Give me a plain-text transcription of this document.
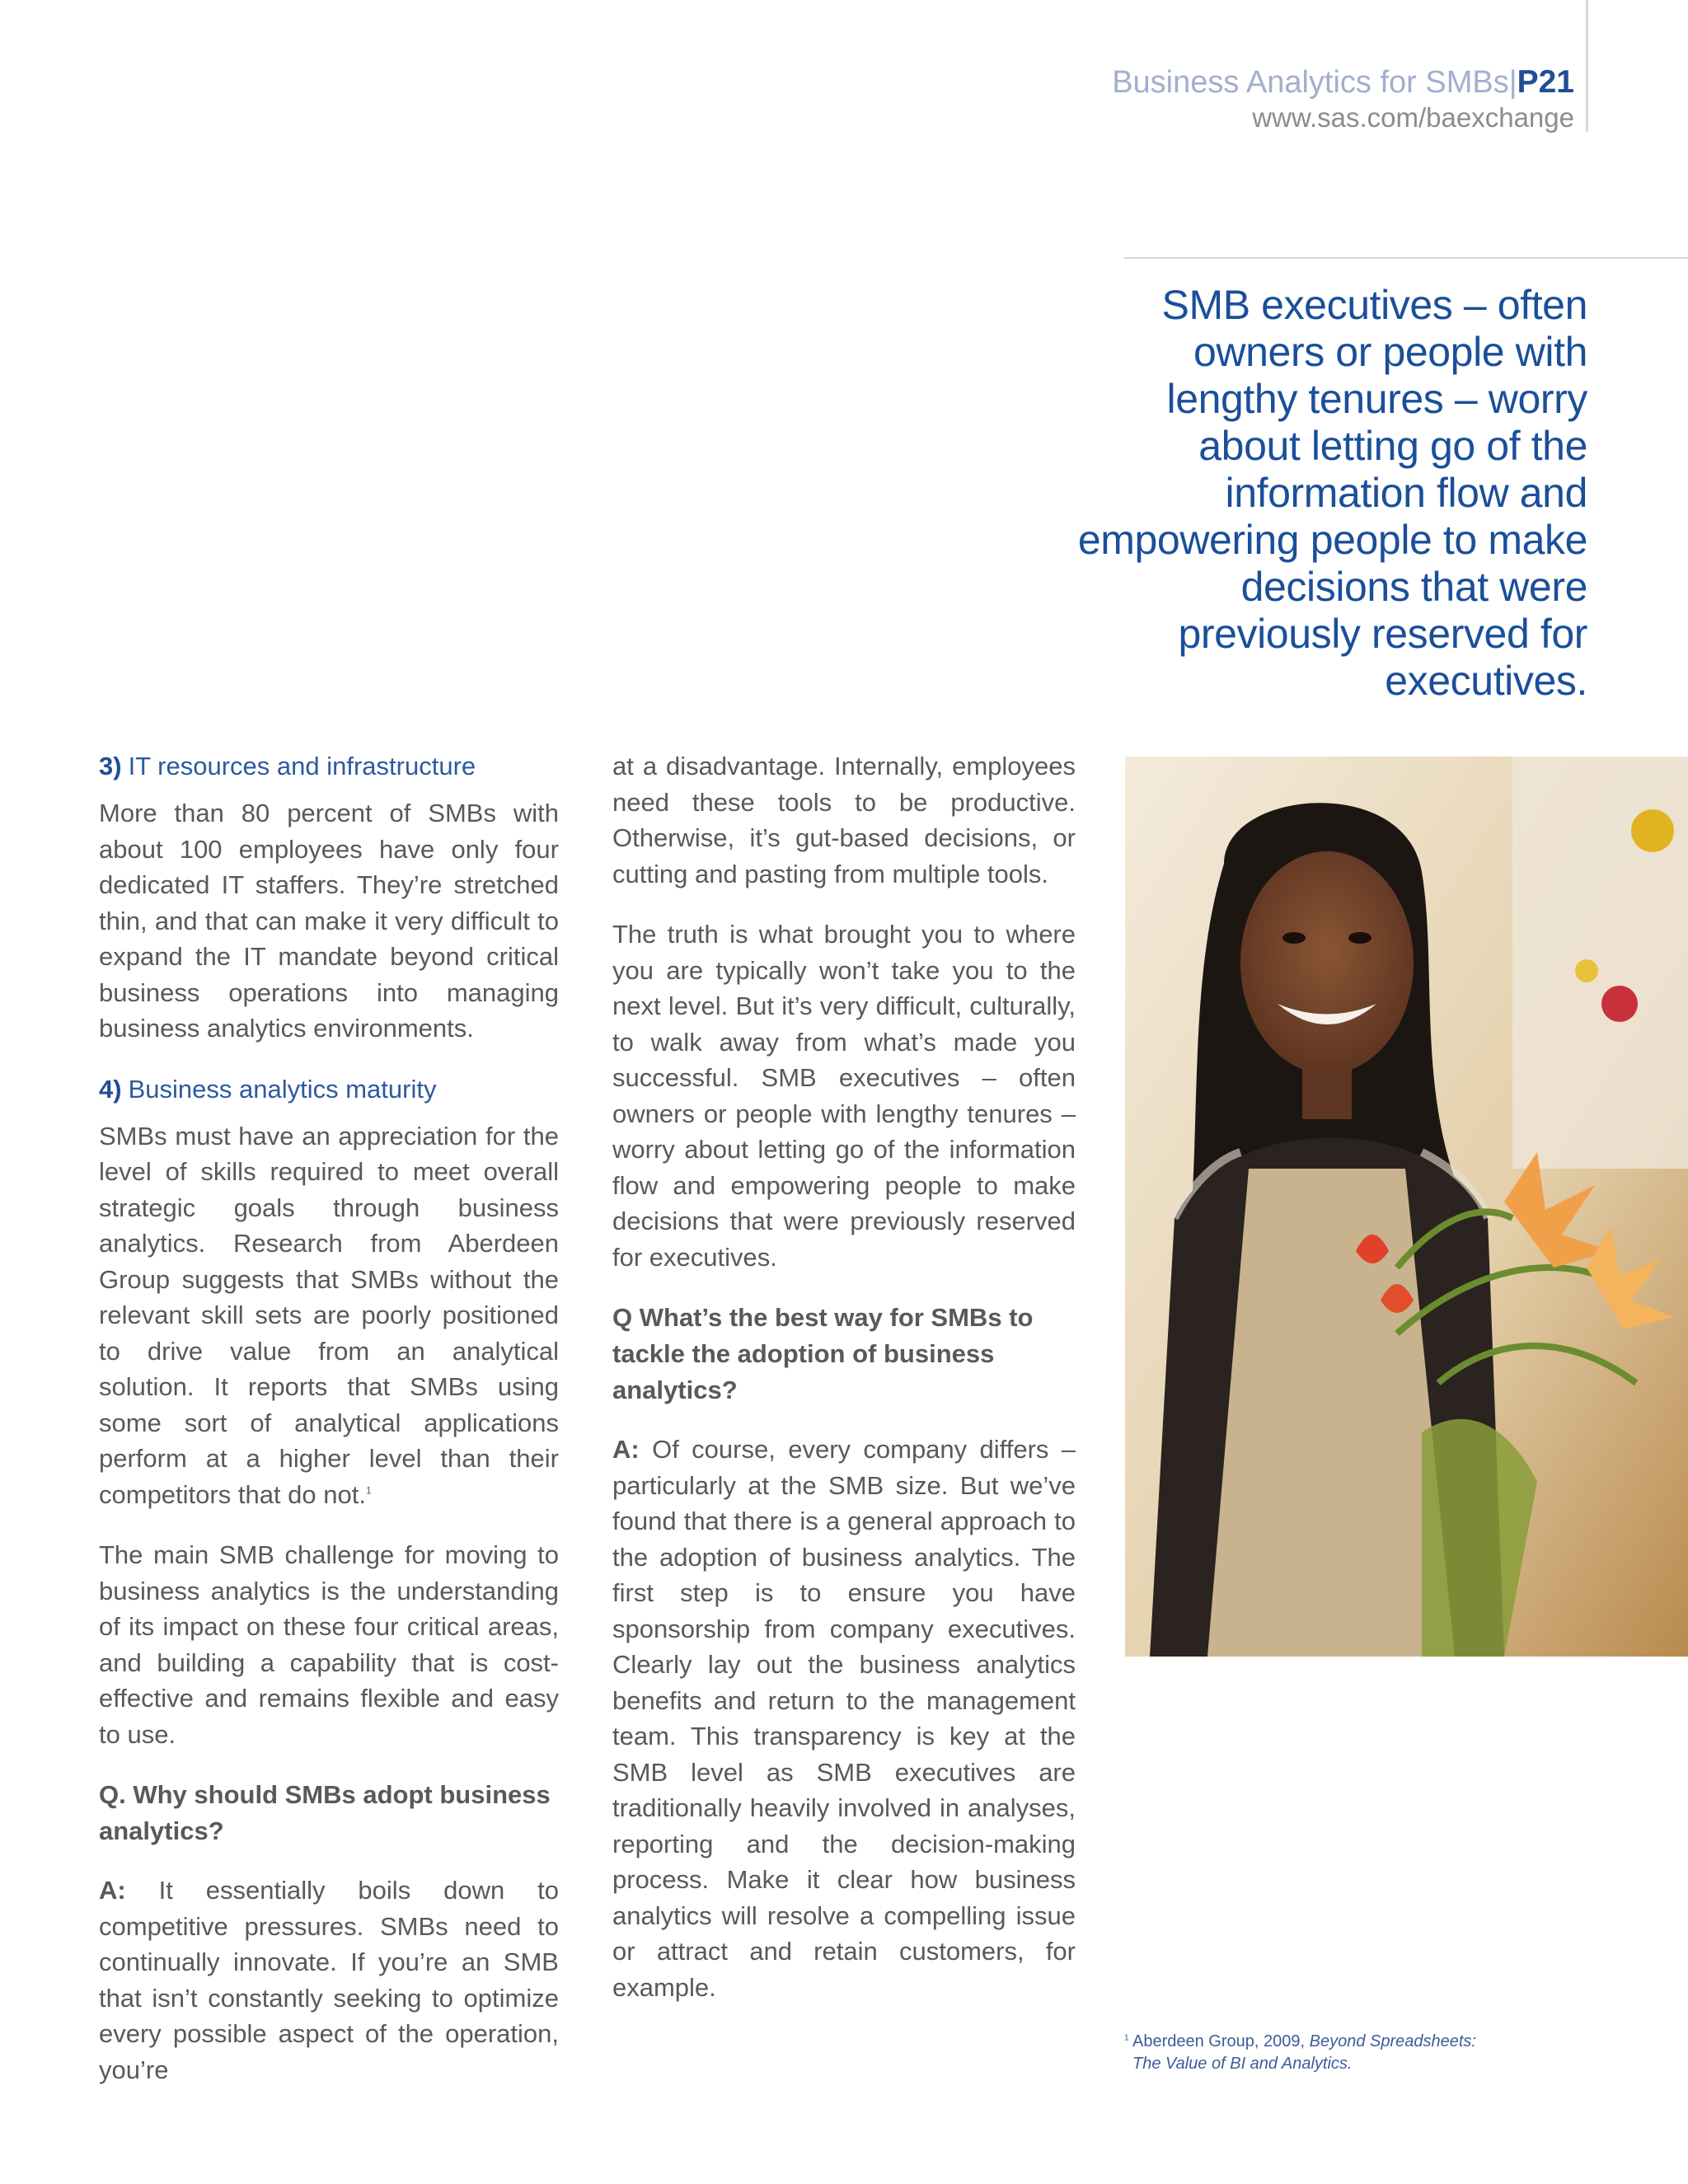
Business Analytics for SMBs|P21
www.sas.com/baexchange
SMB executives – often owners or people with lengthy tenures – worry about letting go of the information flow and empowering people to make decisions that were previously reserved for executives.
3) IT resources and infrastructure

More than 80 percent of SMBs with about 100 employees have only four dedicated IT staffers. They’re stretched thin, and that can make it very difficult to expand the IT mandate beyond critical business operations into managing business analytics environments.

4) Business analytics maturity

SMBs must have an appreciation for the level of skills required to meet overall strategic goals through business analytics. Research from Aberdeen Group suggests that SMBs without the relevant skill sets are poorly positioned to drive value from an analytical solution. It reports that SMBs using some sort of analytical applications perform at a higher level than their competitors that do not.$^1$

The main SMB challenge for moving to business analytics is the understanding of its impact on these four critical areas, and building a capability that is cost-effective and remains flexible and easy to use.

Q. Why should SMBs adopt business analytics?

A: It essentially boils down to competitive pressures. SMBs need to continually innovate. If you’re an SMB that isn’t constantly seeking to optimize every possible aspect of the operation, you’re

at a disadvantage. Internally, employees need these tools to be productive. Otherwise, it’s gut-based decisions, or cutting and pasting from multiple tools.

The truth is what brought you to where you are typically won’t take you to the next level. But it’s very difficult, culturally, to walk away from what’s made you successful. SMB executives – often owners or people with lengthy tenures – worry about letting go of the information flow and empowering people to make decisions that were previously reserved for executives.

Q What’s the best way for SMBs to tackle the adoption of business analytics?

A: Of course, every company differs – particularly at the SMB size. But we’ve found that there is a general approach to the adoption of business analytics. The first step is to ensure you have sponsorship from company executives. Clearly lay out the business analytics benefits and return to the management team. This transparency is key at the SMB level as SMB executives are traditionally heavily involved in analyses, reporting and the decision-making process. Make it clear how business analytics will resolve a compelling issue or attract and retain customers, for example.

$^1$ Aberdeen Group, 2009, Beyond Spreadsheets:
The Value of BI and Analytics.
